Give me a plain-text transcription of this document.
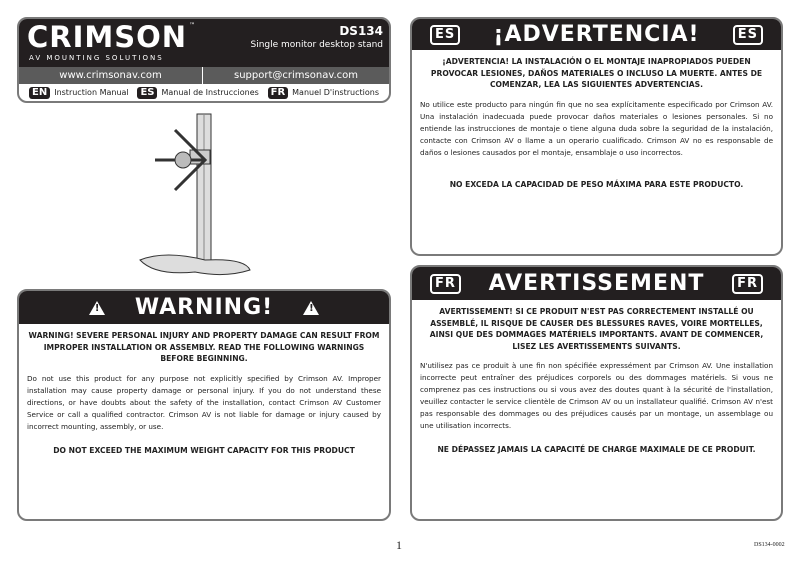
CRIMSON ™
AV MOUNTING SOLUTIONS
DS134
Single monitor desktop stand
www.crimsonav.com	support@crimsonav.com
EN Instruction Manual	ES Manual de Instrucciones	FR Manuel D'instructions
!
WARNING!
!
WARNING! SEVERE PERSONAL INJURY AND PROPERTY DAMAGE CAN RESULT FROM IMPROPER INSTALLATION OR ASSEMBLY. READ THE FOLLOWING WARNINGS BEFORE BEGINNING.
Do not use this product for any purpose not explicitly specified by Crimson AV. Improper installation may cause property damage or personal injury. If you do not understand these directions, or have doubts about the safety of the installation, contact Crimson AV Customer Service or call a qualified contractor. Crimson AV is not liable for damage or injury caused by incorrect mounting, assembly, or use.
DO NOT EXCEED THE MAXIMUM WEIGHT CAPACITY FOR THIS PRODUCT
ES ¡ADVERTENCIA!	ES
¡ADVERTENCIA! LA INSTALACIÓN O EL MONTAJE INAPROPIADOS PUEDEN PROVOCAR LESIONES, DAÑOS MATERIALES O INCLUSO LA MUERTE. ANTES DE COMENZAR, LEA LAS SIGUIENTES ADVERTENCIAS.
No utilice este producto para ningún fin que no sea explícitamente especificado por Crimson AV. Una instalación inadecuada puede provocar daños materiales o lesiones personales. Si no entiende las instrucciones de montaje o tiene alguna duda sobre la seguridad de la instalación, contacte con Crimson AV o llame a un operario cualificado. Crimson AV no es responsable de daños o lesiones causados por el montaje, ensamblaje o uso incorrectos.
NO EXCEDA LA CAPACIDAD DE PESO MÁXIMA PARA ESTE PRODUCTO.
FR AVERTISSEMENT	FR
AVERTISSEMENT! SI CE PRODUIT N'EST PAS CORRECTEMENT INSTALLÉ OU ASSEMBLÉ, IL RISQUE DE CAUSER DES BLESSURES RAVES, VOIRE MORTELLES, AINSI QUE DES DOMMAGES MATÉRIELS IMPORTANTS. AVANT DE COMMENCER, LISEZ LES AVERTISSEMENTS SUIVANTS.
N'utilisez pas ce produit à une fin non spécifiée expressément par Crimson AV. Une installation incorrecte peut entraîner des préjudices corporels ou des dommages matériels. Si vous ne comprenez pas ces instructions ou si vous avez des doutes quant à la sécurité de l'installation, veuillez contacter le service clientèle de Crimson AV ou un installateur qualifié. Crimson AV n'est pas responsable des dommages ou des préjudices causés par un montage, un assemblage ou une utilisation incorrects.
NE DÉPASSEZ JAMAIS LA CAPACITÉ DE CHARGE MAXIMALE DE CE PRODUIT.
1	DS134-0002
